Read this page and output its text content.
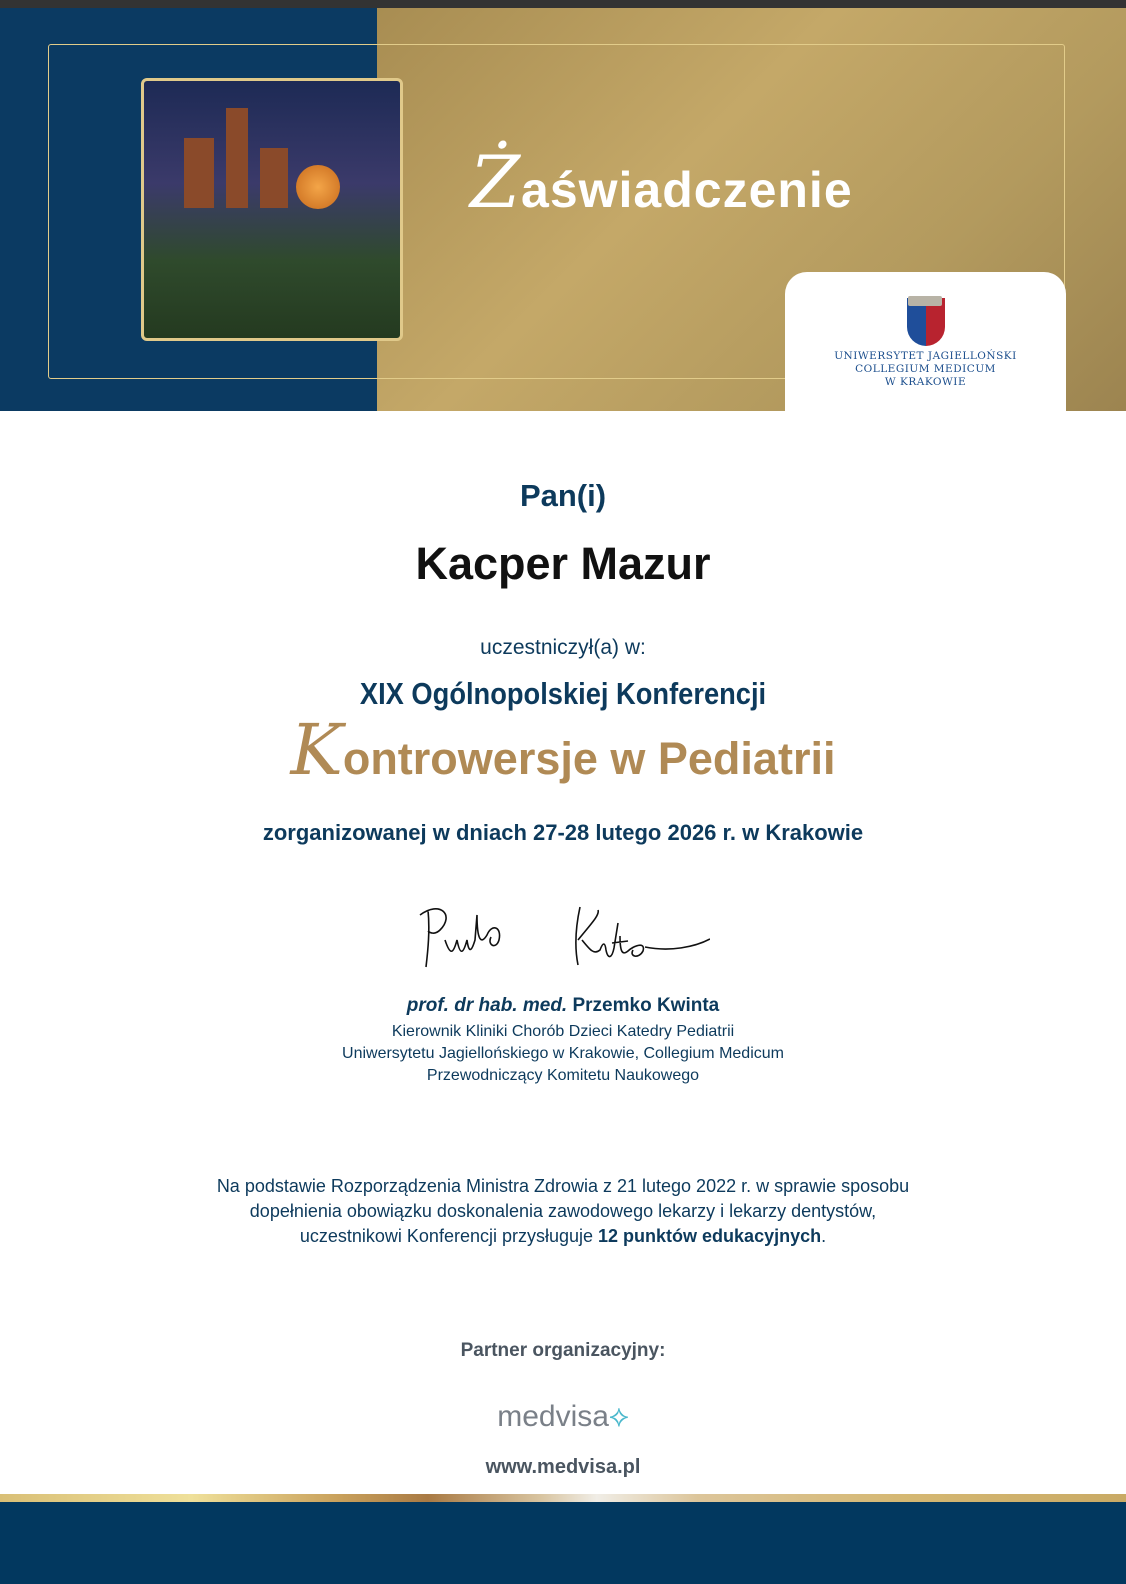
Żaświadczenie
UNIWERSYTET JAGIELLOŃSKI
COLLEGIUM MEDICUM
W KRAKOWIE
Pan(i)
Kacper Mazur
uczestniczył(a) w:
XIX Ogólnopolskiej Konferencji
Kontrowersje w Pediatrii
zorganizowanej w dniach 27-28 lutego 2026 r. w Krakowie
prof. dr hab. med. Przemko Kwinta
Kierownik Kliniki Chorób Dzieci Katedry Pediatrii
Uniwersytetu Jagiellońskiego w Krakowie, Collegium Medicum
Przewodniczący Komitetu Naukowego
Na podstawie Rozporządzenia Ministra Zdrowia z 21 lutego 2022 r. w sprawie sposobu
dopełnienia obowiązku doskonalenia zawodowego lekarzy i lekarzy dentystów,
uczestnikowi Konferencji przysługuje 12 punktów edukacyjnych.
Partner organizacyjny:
medvisa⟡
www.medvisa.pl
